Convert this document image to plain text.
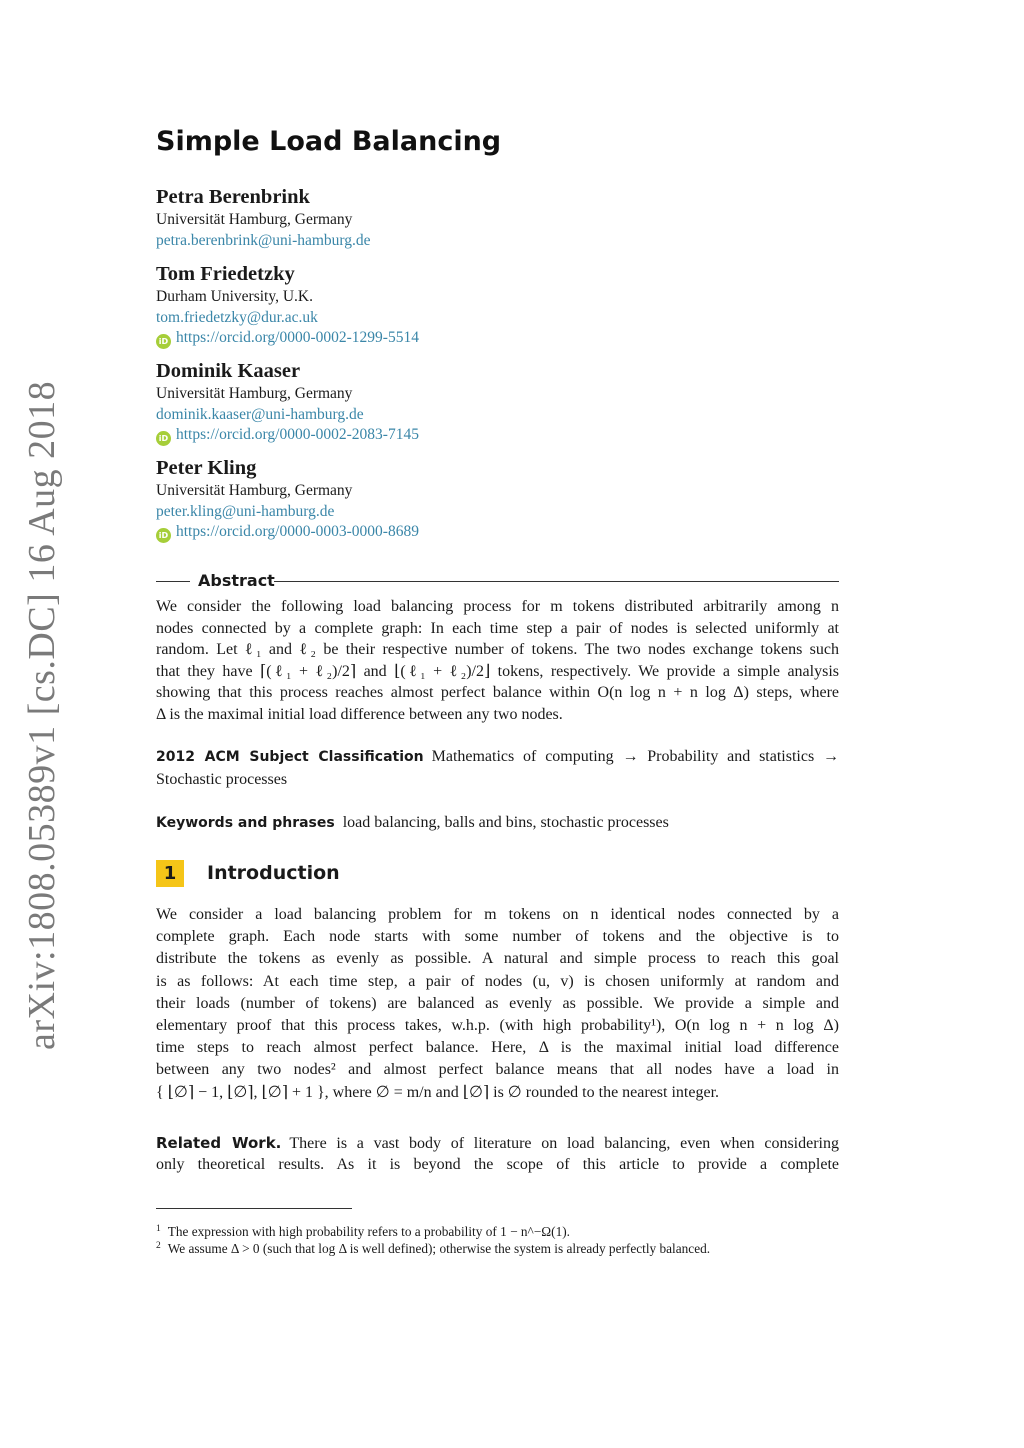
arXiv:1808.05389v1 [cs.DC] 16 Aug 2018
Simple Load Balancing
Petra Berenbrink
Universität Hamburg, Germany
petra.berenbrink@uni-hamburg.de
Tom Friedetzky
Durham University, U.K.
tom.friedetzky@dur.ac.uk
iD https://orcid.org/0000-0002-1299-5514
Dominik Kaaser
Universität Hamburg, Germany
dominik.kaaser@uni-hamburg.de
iD https://orcid.org/0000-0002-2083-7145
Peter Kling
Universität Hamburg, Germany
peter.kling@uni-hamburg.de
iD https://orcid.org/0000-0003-0000-8689
Abstract
We consider the following load balancing process for m tokens distributed arbitrarily among n
nodes connected by a complete graph: In each time step a pair of nodes is selected uniformly at
random. Let ℓ₁ and ℓ₂ be their respective number of tokens. The two nodes exchange tokens such
that they have ⌈(ℓ₁ + ℓ₂)/2⌉ and ⌊(ℓ₁ + ℓ₂)/2⌋ tokens, respectively. We provide a simple analysis
showing that this process reaches almost perfect balance within O(n log n + n log Δ) steps, where
Δ is the maximal initial load difference between any two nodes.
2012 ACM Subject Classification Mathematics of computing → Probability and statistics →
Stochastic processes
Keywords and phrases load balancing, balls and bins, stochastic processes
1	Introduction
We consider a load balancing problem for m tokens on n identical nodes connected by a
complete graph. Each node starts with some number of tokens and the objective is to
distribute the tokens as evenly as possible. A natural and simple process to reach this goal
is as follows: At each time step, a pair of nodes (u, v) is chosen uniformly at random and
their loads (number of tokens) are balanced as evenly as possible. We provide a simple and
elementary proof that this process takes, w.h.p. (with high probability¹), O(n log n + n log Δ)
time steps to reach almost perfect balance. Here, Δ is the maximal initial load difference
between any two nodes² and almost perfect balance means that all nodes have a load in
{ ⌊∅⌉ − 1, ⌊∅⌉, ⌊∅⌉ + 1 }, where ∅ = m/n and ⌊∅⌉ is ∅ rounded to the nearest integer.
Related Work. There is a vast body of literature on load balancing, even when considering
only theoretical results. As it is beyond the scope of this article to provide a complete
$^1$ The expression with high probability refers to a probability of 1 − n^−Ω(1).
$^2$ We assume Δ > 0 (such that log Δ is well defined); otherwise the system is already perfectly balanced.
